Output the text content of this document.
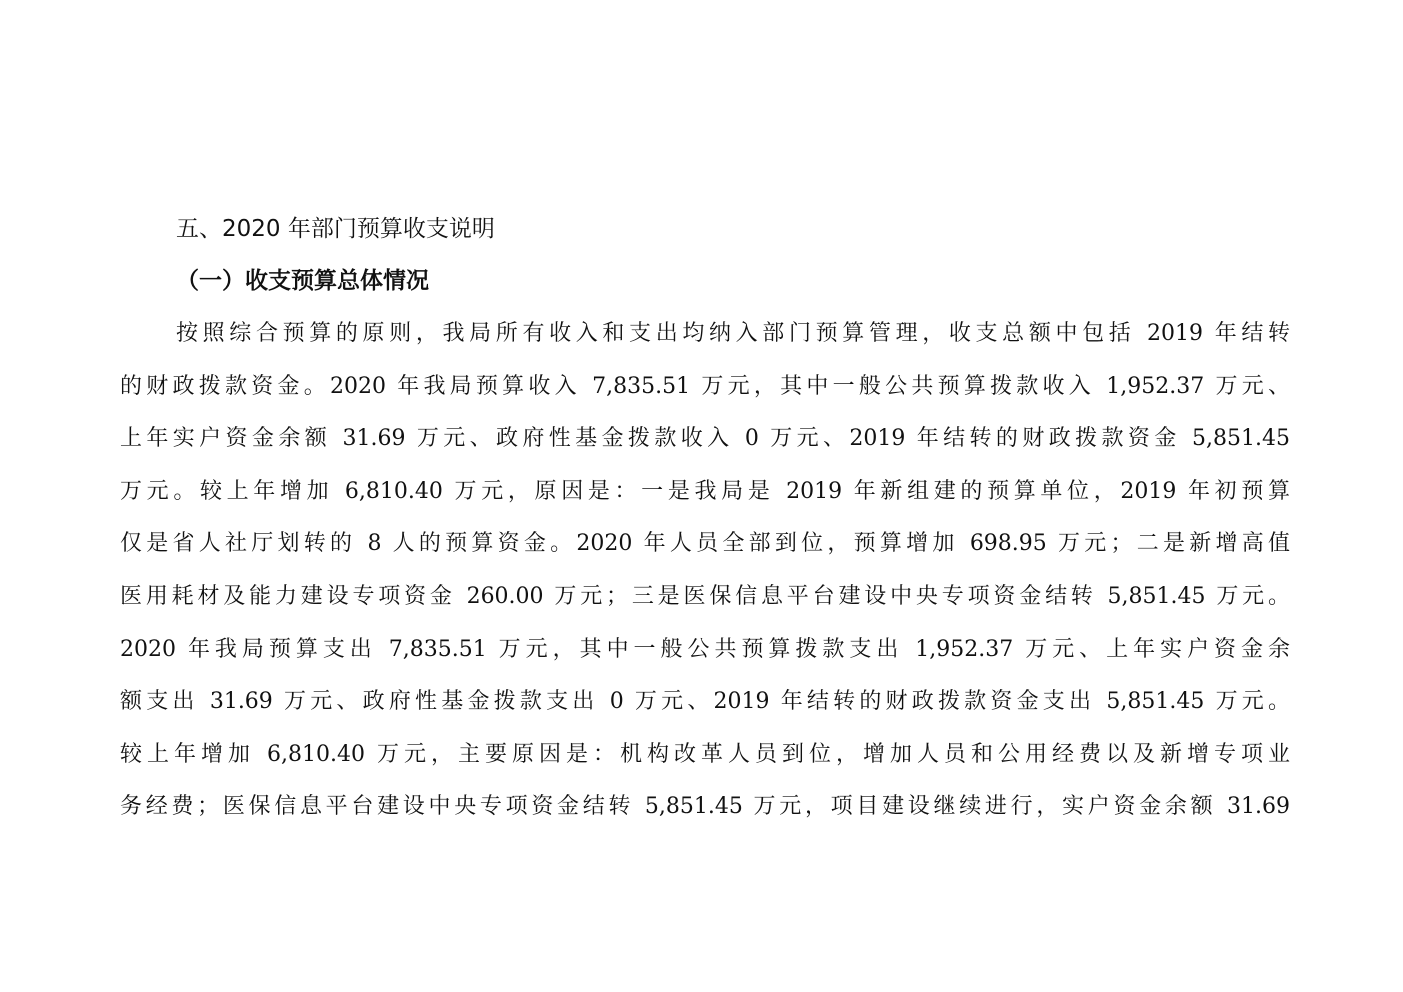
五、2020 年部门预算收支说明
（一）收支预算总体情况
按照综合预算的原则，我局所有收入和支出均纳入部门预算管理，收支总额中包括 2019 年结转
的财政拨款资金。2020 年我局预算收入 7,835.51 万元，其中一般公共预算拨款收入 1,952.37 万元、
上年实户资金余额 31.69 万元、政府性基金拨款收入 0 万元、2019 年结转的财政拨款资金 5,851.45
万元。较上年增加 6,810.40 万元，原因是：一是我局是 2019 年新组建的预算单位，2019 年初预算
仅是省人社厅划转的 8 人的预算资金。2020 年人员全部到位，预算增加 698.95 万元；二是新增高值
医用耗材及能力建设专项资金 260.00 万元；三是医保信息平台建设中央专项资金结转 5,851.45 万元。
2020 年我局预算支出 7,835.51 万元，其中一般公共预算拨款支出 1,952.37 万元、上年实户资金余
额支出 31.69 万元、政府性基金拨款支出 0 万元、2019 年结转的财政拨款资金支出 5,851.45 万元。
较上年增加 6,810.40 万元，主要原因是：机构改革人员到位，增加人员和公用经费以及新增专项业
务经费；医保信息平台建设中央专项资金结转 5,851.45 万元，项目建设继续进行，实户资金余额 31.69
